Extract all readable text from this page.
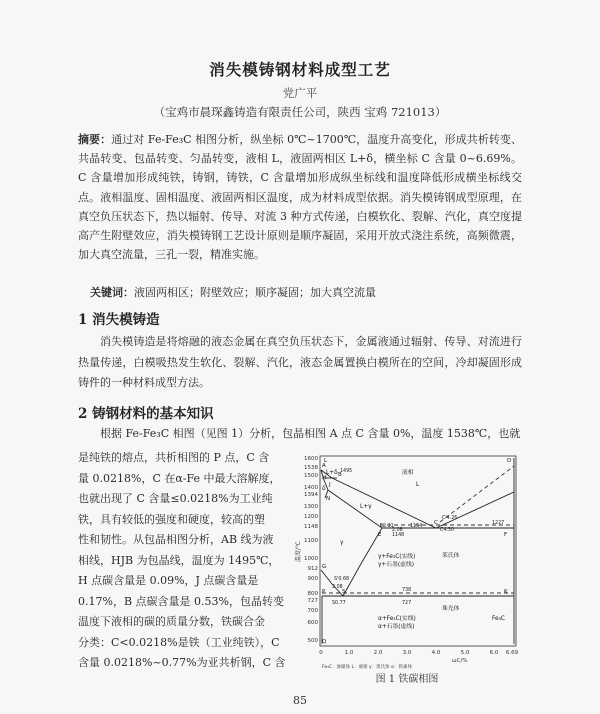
消失模铸钢材料成型工艺
党广平
（宝鸡市晨琛鑫铸造有限责任公司，陕西 宝鸡 721013）
摘要：通过对 Fe-Fe₃C 相图分析，纵坐标 0℃~1700℃，温度升高变化，形成共析转变、共晶转变、包晶转变、匀晶转变，液相 L，液固两相区 L+δ，横坐标 C 含量 0~6.69%。C 含量增加形成纯铁，铸钢，铸铁，C 含量增加形成纵坐标线和温度降低形成横坐标线交点。液相温度、固相温度、液固两相区温度，成为材料成型依据。消失模铸钢成型原理，在真空负压状态下，热以辐射、传导、对流 3 种方式传递，白模软化、裂解、汽化，真空度提高产生附壁效应，消失模铸钢工艺设计原则是顺序凝固，采用开放式浇注系统，高频微震，加大真空流量，三孔一裂，精准实施。
关键词：液固两相区；附壁效应；顺序凝固；加大真空流量
1 消失模铸造
消失模铸造是将熔融的液态金属在真空负压状态下，金属液通过辐射、传导、对流进行热量传递，白模吸热发生软化、裂解、汽化，液态金属置换白模所在的空间，冷却凝固形成铸件的一种材料成型方法。
2 铸钢材料的基本知识
根据 Fe-Fe₃C 相图（见图 1）分析，包晶相图 A 点 C 含量 0%，温度 1538℃，也就
是纯铁的熔点，共析相图的 P 点，C 含
量 0.0218%，C 在α-Fe 中最大溶解度，
也就出现了 C 含量≤0.0218%为工业纯
铁，具有较低的强度和硬度，较高的塑
性和韧性。从包晶相图分析，AB 线为液
相线，HJB 为包晶线，温度为 1495℃，
H 点碳含量是 0.09%，J 点碳含量是
0.17%，B 点碳含量是 0.53%，包晶转变
温度下液相的碳的质量分数，铁碳合金
分类：C<0.0218%是铁（工业纯铁），C
含量 0.0218%~0.77%为亚共析钢，C 含
1600
1538
1500
1400
1394
1300
1200
1148
1100
1000
912
900
800
727
700
600
500
0	1.0	2.0	3.0	4.0	5.0	6.0 6.69
ωC/%
温度/℃
A
B
H
J
N
G
E
C
F
K
P	S
Q
D
L
1495
E2.11
C4.30
1227
1148
1154
C'4.26
2.08
S0.77
S'0.68
727
738
2.08
液相
L
L+δ
L+γ
γ
δ
莱氏体
γ+Fe₃C(实线)
γ+石墨(虚线)
珠光体
α+Fe₃C(实线)
α+石墨(虚线)
Fe₃C
Fe₃C：渗碳体 L：液相 γ：奥氏体 α：铁素体
图 1 铁碳相图
85
